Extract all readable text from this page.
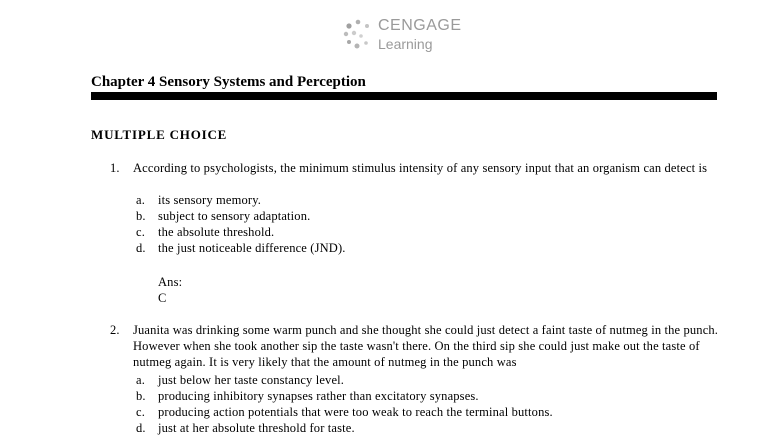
CENGAGE
Learning
Chapter 4 Sensory Systems and Perception
MULTIPLE CHOICE
1. According to psychologists, the minimum stimulus intensity of any sensory input that an organism can detect is
a. its sensory memory.
b. subject to sensory adaptation.
c. the absolute threshold.
d. the just noticeable difference (JND).
Ans: C
2. Juanita was drinking some warm punch and she thought she could just detect a faint taste of nutmeg in the punch. However when she took another sip the taste wasn't there. On the third sip she could just make out the taste of nutmeg again. It is very likely that the amount of nutmeg in the punch was
a. just below her taste constancy level.
b. producing inhibitory synapses rather than excitatory synapses.
c. producing action potentials that were too weak to reach the terminal buttons.
d. just at her absolute threshold for taste.
